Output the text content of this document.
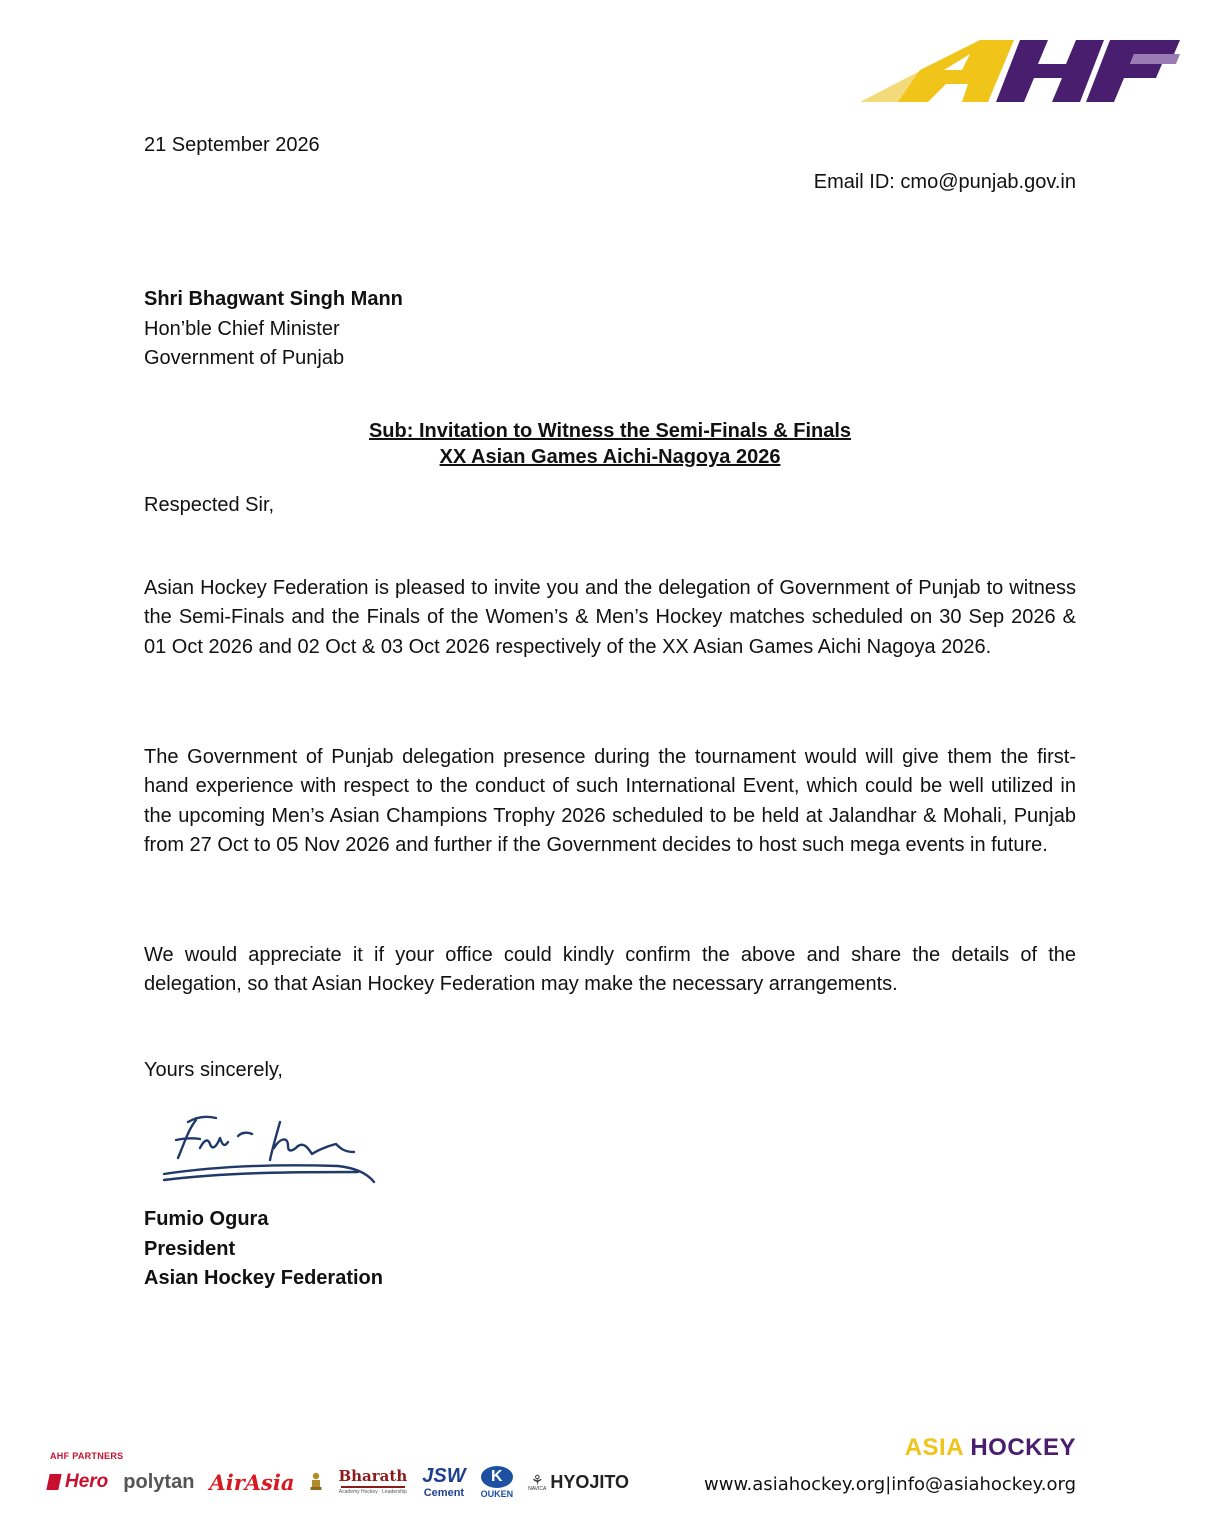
21 September 2026
Email ID: cmo@punjab.gov.in
Shri Bhagwant Singh Mann
Hon’ble Chief Minister
Government of Punjab
Sub: Invitation to Witness the Semi-Finals & Finals
XX Asian Games Aichi-Nagoya 2026
Respected Sir,

Asian Hockey Federation is pleased to invite you and the delegation of Government of Punjab to witness the Semi-Finals and the Finals of the Women’s & Men’s Hockey matches scheduled on 30 Sep 2026 & 01 Oct 2026 and 02 Oct & 03 Oct 2026 respectively of the XX Asian Games Aichi Nagoya 2026.

The Government of Punjab delegation presence during the tournament would will give them the first-hand experience with respect to the conduct of such International Event, which could be well utilized in the upcoming Men’s Asian Champions Trophy 2026 scheduled to be held at Jalandhar & Mohali, Punjab from 27 Oct to 05 Nov 2026 and further if the Government decides to host such mega events in future.

We would appreciate it if your office could kindly confirm the above and share the details of the delegation, so that Asian Hockey Federation may make the necessary arrangements.

Yours sincerely,
Fumio Ogura
President
Asian Hockey Federation
AHF PARTNERS
Hero polytan AirAsia	Bharath
Academy Hockey · Leadership
JSW
Cement
K
OUKEN
⚘
NAVICA HYOJITO
ASIA HOCKEY
www.asiahockey.org|info@asiahockey.org
